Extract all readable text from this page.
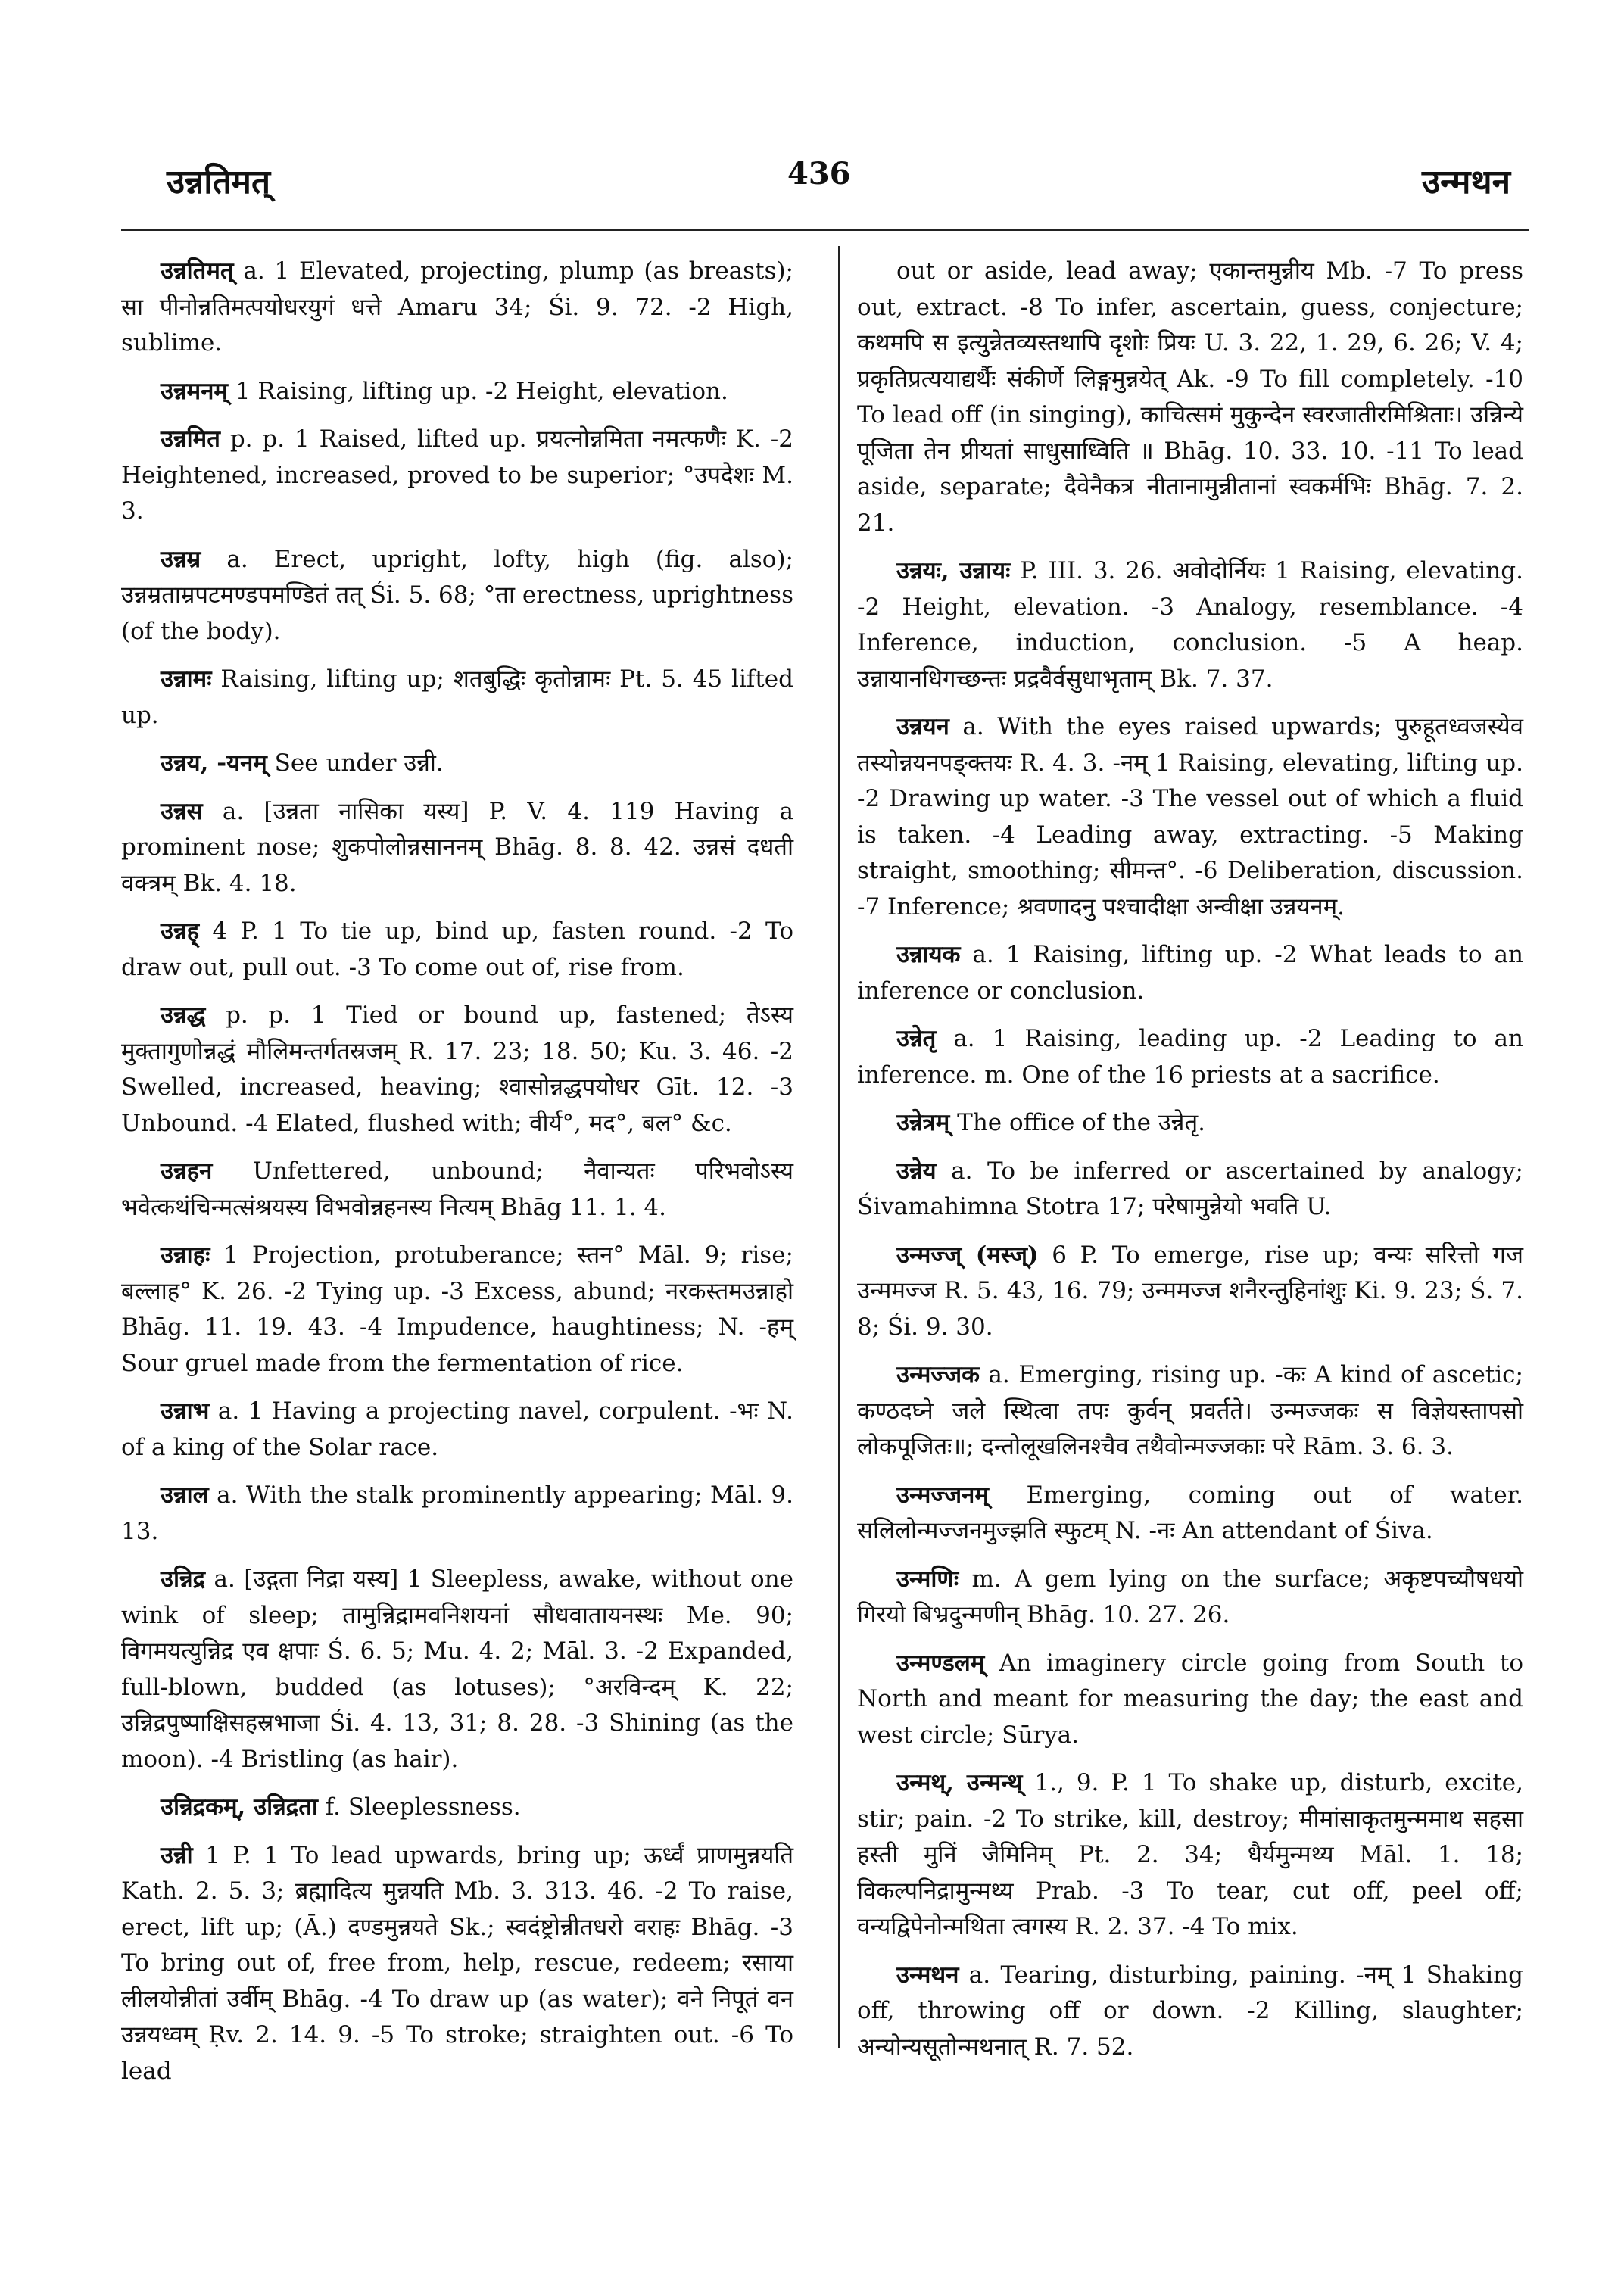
उन्नतिमत्	436	उन्मथन

उन्नतिमत् a. 1 Elevated, projecting, plump (as breasts); सा पीनोन्नतिमत्पयोधरयुगं धत्ते Amaru 34; Śi. 9. 72. -2 High, sublime.

उन्नमनम् 1 Raising, lifting up. -2 Height, elevation.

उन्नमित p. p. 1 Raised, lifted up. प्रयत्नोन्नमिता नमत्फणैः K. -2 Heightened, increased, proved to be superior; °उपदेशः M. 3.

उन्नम्र a. Erect, upright, lofty, high (fig. also); उन्नम्रताम्रपटमण्डपमण्डितं तत् Śi. 5. 68; °ता erectness, uprightness (of the body).

उन्नामः Raising, lifting up; शतबुद्धिः कृतोन्नामः Pt. 5. 45 lifted up.

उन्नय, -यनम् See under उन्नी.

उन्नस a. [उन्नता नासिका यस्य] P. V. 4. 119 Having a prominent nose; शुकपोलोन्नसाननम् Bhāg. 8. 8. 42. उन्नसं दधती वक्त्रम् Bk. 4. 18.

उन्नह् 4 P. 1 To tie up, bind up, fasten round. -2 To draw out, pull out. -3 To come out of, rise from.

उन्नद्ध p. p. 1 Tied or bound up, fastened; तेऽस्य मुक्तागुणोन्नद्धं मौलिमन्तर्गतस्रजम् R. 17. 23; 18. 50; Ku. 3. 46. -2 Swelled, increased, heaving; श्वासोन्नद्धपयोधर Gīt. 12. -3 Unbound. -4 Elated, flushed with; वीर्य°, मद°, बल° &c.

उन्नहन Unfettered, unbound; नैवान्यतः परिभवोऽस्य भवेत्कथंचिन्मत्संश्रयस्य विभवोन्नहनस्य नित्यम् Bhāg 11. 1. 4.

उन्नाहः 1 Projection, protuberance; स्तन° Māl. 9; rise; बल्लाह° K. 26. -2 Tying up. -3 Excess, abund; नरकस्तमउन्नाहो Bhāg. 11. 19. 43. -4 Impudence, haughtiness; N. -हम् Sour gruel made from the fermentation of rice.

उन्नाभ a. 1 Having a projecting navel, corpulent. -भः N. of a king of the Solar race.

उन्नाल a. With the stalk prominently appearing; Māl. 9. 13.

उन्निद्र a. [उद्गता निद्रा यस्य] 1 Sleepless, awake, without one wink of sleep; तामुन्निद्रामवनिशयनां सौधवातायनस्थः Me. 90; विगमयत्युन्निद्र एव क्षपाः Ś. 6. 5; Mu. 4. 2; Māl. 3. -2 Expanded, full-blown, budded (as lotuses); °अरविन्दम् K. 22; उन्निद्रपुष्पाक्षिसहस्रभाजा Śi. 4. 13, 31; 8. 28. -3 Shining (as the moon). -4 Bristling (as hair).

उन्निद्रकम्, उन्निद्रता f. Sleeplessness.

उन्नी 1 P. 1 To lead upwards, bring up; ऊर्ध्वं प्राणमुन्नयति Kath. 2. 5. 3; ब्रह्मादित्य मुन्नयति Mb. 3. 313. 46. -2 To raise, erect, lift up; (Ā.) दण्डमुन्नयते Sk.; स्वदंष्ट्रोन्नीतधरो वराहः Bhāg. -3 To bring out of, free from, help, rescue, redeem; रसाया लीलयोन्नीतां उर्वीम् Bhāg. -4 To draw up (as water); वने निपूतं वन उन्नयध्वम् Ṛv. 2. 14. 9. -5 To stroke; straighten out. -6 To lead

out or aside, lead away; एकान्तमुन्नीय Mb. -7 To press out, extract. -8 To infer, ascertain, guess, conjecture; कथमपि स इत्युन्नेतव्यस्तथापि दृशोः प्रियः U. 3. 22, 1. 29, 6. 26; V. 4; प्रकृतिप्रत्ययाद्यर्थैः संकीर्णे लिङ्गमुन्नयेत् Ak. -9 To fill completely. -10 To lead off (in singing), काचित्समं मुकुन्देन स्वरजातीरमिश्रिताः। उन्निन्ये पूजिता तेन प्रीयतां साधुसाध्विति ॥ Bhāg. 10. 33. 10. -11 To lead aside, separate; दैवेनैकत्र नीतानामुन्नीतानां स्वकर्मभिः Bhāg. 7. 2. 21.

उन्नयः, उन्नायः P. III. 3. 26. अवोदोर्नियः 1 Raising, elevating. -2 Height, elevation. -3 Analogy, resemblance. -4 Inference, induction, conclusion. -5 A heap. उन्नायानधिगच्छन्तः प्रद्रवैर्वसुधाभृताम् Bk. 7. 37.

उन्नयन a. With the eyes raised upwards; पुरुहूतध्वजस्येव तस्योन्नयनपङ्क्तयः R. 4. 3. -नम् 1 Raising, elevating, lifting up. -2 Drawing up water. -3 The vessel out of which a fluid is taken. -4 Leading away, extracting. -5 Making straight, smoothing; सीमन्त°. -6 Deliberation, discussion. -7 Inference; श्रवणादनु पश्चादीक्षा अन्वीक्षा उन्नयनम्.

उन्नायक a. 1 Raising, lifting up. -2 What leads to an inference or conclusion.

उन्नेतृ a. 1 Raising, leading up. -2 Leading to an inference. m. One of the 16 priests at a sacrifice.

उन्नेत्रम् The office of the उन्नेतृ.

उन्नेय a. To be inferred or ascertained by analogy; Śivamahimna Stotra 17; परेषामुन्नेयो भवति U.

उन्मज्ज् (मस्ज्) 6 P. To emerge, rise up; वन्यः सरित्तो गज उन्ममज्ज R. 5. 43, 16. 79; उन्ममज्ज शनैरन्तुहिनांशुः Ki. 9. 23; Ś. 7. 8; Śi. 9. 30.

उन्मज्जक a. Emerging, rising up. -कः A kind of ascetic; कण्ठदघ्ने जले स्थित्वा तपः कुर्वन् प्रवर्तते। उन्मज्जकः स विज्ञेयस्तापसो लोकपूजितः॥; दन्तोलूखलिनश्चैव तथैवोन्मज्जकाः परे Rām. 3. 6. 3.

उन्मज्जनम् Emerging, coming out of water. सलिलोन्मज्जनमुज्झति स्फुटम् N. -नः An attendant of Śiva.

उन्मणिः m. A gem lying on the surface; अकृष्टपच्यौषधयो गिरयो बिभ्रदुन्मणीन् Bhāg. 10. 27. 26.

उन्मण्डलम् An imaginery circle going from South to North and meant for measuring the day; the east and west circle; Sūrya.

उन्मथ्, उन्मन्थ् 1., 9. P. 1 To shake up, disturb, excite, stir; pain. -2 To strike, kill, destroy; मीमांसाकृतमुन्ममाथ सहसा हस्ती मुनिं जैमिनिम् Pt. 2. 34; धैर्यमुन्मथ्य Māl. 1. 18; विकल्पनिद्रामुन्मथ्य Prab. -3 To tear, cut off, peel off; वन्यद्विपेनोन्मथिता त्वगस्य R. 2. 37. -4 To mix.

उन्मथन a. Tearing, disturbing, paining. -नम् 1 Shaking off, throwing off or down. -2 Killing, slaughter; अन्योन्यसूतोन्मथनात् R. 7. 52.
